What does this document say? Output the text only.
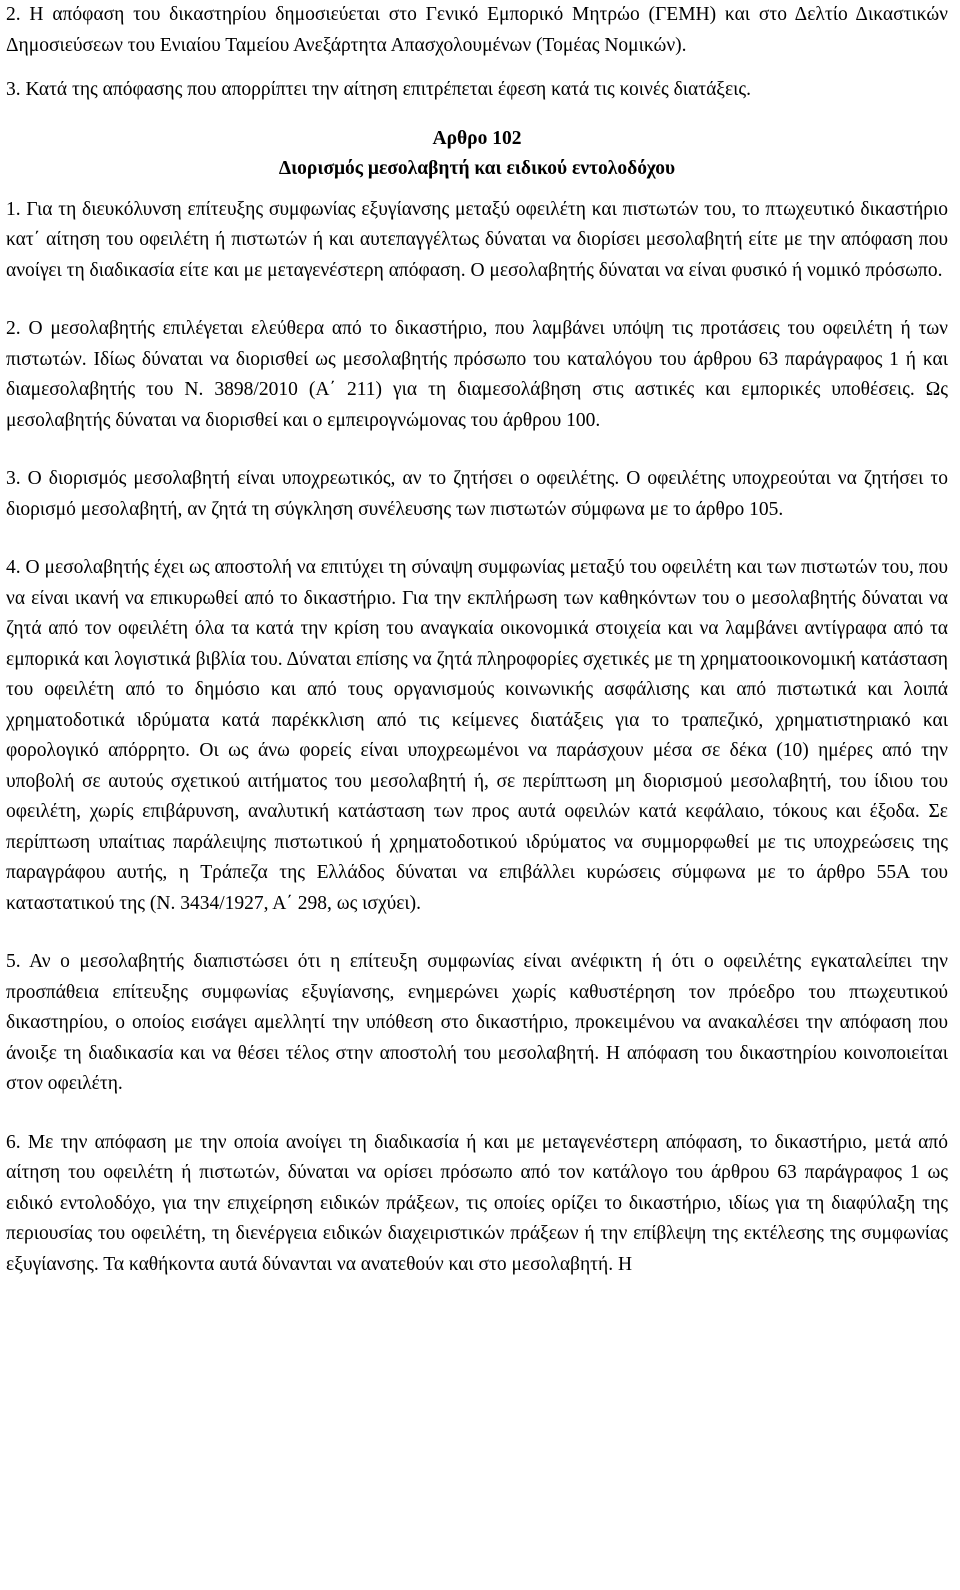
2. Η απόφαση του δικαστηρίου δημοσιεύεται στο Γενικό Εμπορικό Μητρώο (ΓΕΜΗ) και στο Δελτίο Δικαστικών Δημοσιεύσεων του Ενιαίου Ταμείου Ανεξάρτητα Απασχολουμένων (Τομέας Νομικών).

3. Κατά της απόφασης που απορρίπτει την αίτηση επιτρέπεται έφεση κατά τις κοινές διατάξεις.

Αρθρο 102

Διορισμός μεσολαβητή και ειδικού εντολοδόχου

1. Για τη διευκόλυνση επίτευξης συμφωνίας εξυγίανσης μεταξύ οφειλέτη και πιστωτών του, το πτωχευτικό δικαστήριο κατ΄ αίτηση του οφειλέτη ή πιστωτών ή και αυτεπαγγέλτως δύναται να διορίσει μεσολαβητή είτε με την απόφαση που ανοίγει τη διαδικασία είτε και με μεταγενέστερη απόφαση. Ο μεσολαβητής δύναται να είναι φυσικό ή νομικό πρόσωπο.

2. Ο μεσολαβητής επιλέγεται ελεύθερα από το δικαστήριο, που λαμβάνει υπόψη τις προτάσεις του οφειλέτη ή των πιστωτών. Ιδίως δύναται να διορισθεί ως μεσολαβητής πρόσωπο του καταλόγου του άρθρου 63 παράγραφος 1 ή και διαμεσολαβητής του Ν. 3898/2010 (Α΄ 211) για τη διαμεσολάβηση στις αστικές και εμπορικές υποθέσεις. Ως μεσολαβητής δύναται να διορισθεί και ο εμπειρογνώμονας του άρθρου 100.

3. Ο διορισμός μεσολαβητή είναι υποχρεωτικός, αν το ζητήσει ο οφειλέτης. Ο οφειλέτης υποχρεούται να ζητήσει το διορισμό μεσολαβητή, αν ζητά τη σύγκληση συνέλευσης των πιστωτών σύμφωνα με το άρθρο 105.

4. Ο μεσολαβητής έχει ως αποστολή να επιτύχει τη σύναψη συμφωνίας μεταξύ του οφειλέτη και των πιστωτών του, που να είναι ικανή να επικυρωθεί από το δικαστήριο. Για την εκπλήρωση των καθηκόντων του ο μεσολαβητής δύναται να ζητά από τον οφειλέτη όλα τα κατά την κρίση του αναγκαία οικονομικά στοιχεία και να λαμβάνει αντίγραφα από τα εμπορικά και λογιστικά βιβλία του. Δύναται επίσης να ζητά πληροφορίες σχετικές με τη χρηματοοικονομική κατάσταση του οφειλέτη από το δημόσιο και από τους οργανισμούς κοινωνικής ασφάλισης και από πιστωτικά και λοιπά χρηματοδοτικά ιδρύματα κατά παρέκκλιση από τις κείμενες διατάξεις για το τραπεζικό, χρηματιστηριακό και φορολογικό απόρρητο. Οι ως άνω φορείς είναι υποχρεωμένοι να παράσχουν μέσα σε δέκα (10) ημέρες από την υποβολή σε αυτούς σχετικού αιτήματος του μεσολαβητή ή, σε περίπτωση μη διορισμού μεσολαβητή, του ίδιου του οφειλέτη, χωρίς επιβάρυνση, αναλυτική κατάσταση των προς αυτά οφειλών κατά κεφάλαιο, τόκους και έξοδα. Σε περίπτωση υπαίτιας παράλειψης πιστωτικού ή χρηματοδοτικού ιδρύματος να συμμορφωθεί με τις υποχρεώσεις της παραγράφου αυτής, η Τράπεζα της Ελλάδος δύναται να επιβάλλει κυρώσεις σύμφωνα με το άρθρο 55Α του καταστατικού της (Ν. 3434/1927, Α΄ 298, ως ισχύει).

5. Αν ο μεσολαβητής διαπιστώσει ότι η επίτευξη συμφωνίας είναι ανέφικτη ή ότι ο οφειλέτης εγκαταλείπει την προσπάθεια επίτευξης συμφωνίας εξυγίανσης, ενημερώνει χωρίς καθυστέρηση τον πρόεδρο του πτωχευτικού δικαστηρίου, ο οποίος εισάγει αμελλητί την υπόθεση στο δικαστήριο, προκειμένου να ανακαλέσει την απόφαση που άνοιξε τη διαδικασία και να θέσει τέλος στην αποστολή του μεσολαβητή. Η απόφαση του δικαστηρίου κοινοποιείται στον οφειλέτη.

6. Με την απόφαση με την οποία ανοίγει τη διαδικασία ή και με μεταγενέστερη απόφαση, το δικαστήριο, μετά από αίτηση του οφειλέτη ή πιστωτών, δύναται να ορίσει πρόσωπο από τον κατάλογο του άρθρου 63 παράγραφος 1 ως ειδικό εντολοδόχο, για την επιχείρηση ειδικών πράξεων, τις οποίες ορίζει το δικαστήριο, ιδίως για τη διαφύλαξη της περιουσίας του οφειλέτη, τη διενέργεια ειδικών διαχειριστικών πράξεων ή την επίβλεψη της εκτέλεσης της συμφωνίας εξυγίανσης. Τα καθήκοντα αυτά δύνανται να ανατεθούν και στο μεσολαβητή. Η
